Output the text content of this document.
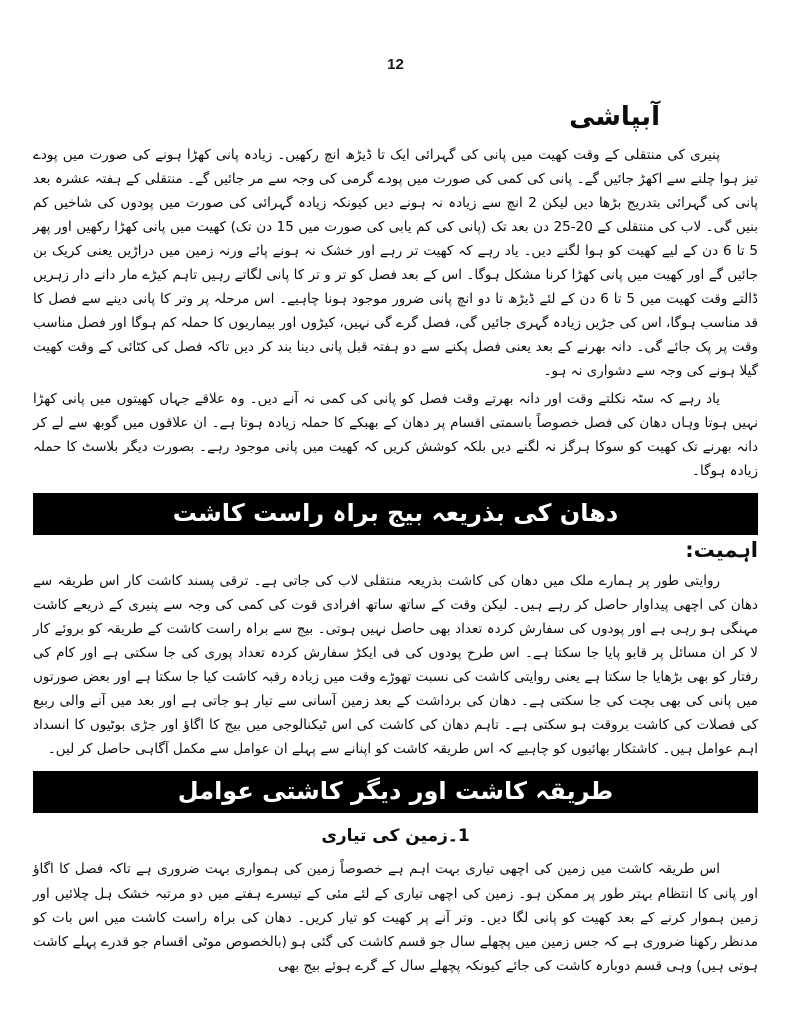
12
آبپاشی

پنیری کی منتقلی کے وقت کھیت میں پانی کی گہرائی ایک تا ڈیڑھ انچ رکھیں۔ زیادہ پانی کھڑا ہونے کی صورت میں پودے تیز ہوا چلنے سے اکھڑ جائیں گے۔ پانی کی کمی کی صورت میں پودے گرمی کی وجہ سے مر جائیں گے۔ منتقلی کے ہفتہ عشرہ بعد پانی کی گہرائی بتدریج بڑھا دیں لیکن 2 انچ سے زیادہ نہ ہونے دیں کیونکہ زیادہ گہرائی کی صورت میں پودوں کی شاخیں کم بنیں گی۔ لاب کی منتقلی کے 20-25 دن بعد تک (پانی کی کم یابی کی صورت میں 15 دن تک) کھیت میں پانی کھڑا رکھیں اور پھر 5 تا 6 دن کے لیے کھیت کو ہوا لگنے دیں۔ یاد رہے کہ کھیت تر رہے اور خشک نہ ہونے پائے ورنہ زمین میں دراڑیں یعنی کریک بن جائیں گے اور کھیت میں پانی کھڑا کرنا مشکل ہوگا۔ اس کے بعد فصل کو تر و تر کا پانی لگاتے رہیں تاہم کیڑے مار دانے دار زہریں ڈالتے وقت کھیت میں 5 تا 6 دن کے لئے ڈیڑھ تا دو انچ پانی ضرور موجود ہونا چاہیے۔ اس مرحلہ پر وتر کا پانی دینے سے فصل کا قد مناسب ہوگا، اس کی جڑیں زیادہ گہری جائیں گی، فصل گرے گی نہیں، کیڑوں اور بیماریوں کا حملہ کم ہوگا اور فصل مناسب وقت پر پک جائے گی۔ دانہ بھرنے کے بعد یعنی فصل پکنے سے دو ہفتہ قبل پانی دینا بند کر دیں تاکہ فصل کی کٹائی کے وقت کھیت گیلا ہونے کی وجہ سے دشواری نہ ہو۔

یاد رہے کہ سٹہ نکلتے وقت اور دانہ بھرتے وقت فصل کو پانی کی کمی نہ آنے دیں۔ وہ علاقے جہاں کھیتوں میں پانی کھڑا نہیں ہوتا وہاں دھان کی فصل خصوصاً باسمتی اقسام پر دھان کے بھبکے کا حملہ زیادہ ہوتا ہے۔ ان علاقوں میں گوبھ سے لے کر دانہ بھرنے تک کھیت کو سوکا ہرگز نہ لگنے دیں بلکہ کوشش کریں کہ کھیت میں پانی موجود رہے۔ بصورت دیگر بلاسٹ کا حملہ زیادہ ہوگا۔

دھان کی بذریعہ بیج براہ راست کاشت
اہمیت:

روایتی طور پر ہمارے ملک میں دھان کی کاشت بذریعہ منتقلی لاب کی جاتی ہے۔ ترقی پسند کاشت کار اس طریقہ سے دھان کی اچھی پیداوار حاصل کر رہے ہیں۔ لیکن وقت کے ساتھ ساتھ افرادی قوت کی کمی کی وجہ سے پنیری کے ذریعے کاشت مہنگی ہو رہی ہے اور پودوں کی سفارش کردہ تعداد بھی حاصل نہیں ہوتی۔ بیج سے براہ راست کاشت کے طریقہ کو بروئے کار لا کر ان مسائل پر قابو پایا جا سکتا ہے۔ اس طرح پودوں کی فی ایکڑ سفارش کردہ تعداد پوری کی جا سکتی ہے اور کام کی رفتار کو بھی بڑھایا جا سکتا ہے یعنی روایتی کاشت کی نسبت تھوڑے وقت میں زیادہ رقبہ کاشت کیا جا سکتا ہے اور بعض صورتوں میں پانی کی بھی بچت کی جا سکتی ہے۔ دھان کی برداشت کے بعد زمین آسانی سے تیار ہو جاتی ہے اور بعد میں آنے والی ربیع کی فصلات کی کاشت بروقت ہو سکتی ہے۔ تاہم دھان کی کاشت کی اس ٹیکنالوجی میں بیج کا اگاؤ اور جڑی بوٹیوں کا انسداد اہم عوامل ہیں۔ کاشتکار بھائیوں کو چاہیے کہ اس طریقہ کاشت کو اپنانے سے پہلے ان عوامل سے مکمل آگاہی حاصل کر لیں۔

طریقہ کاشت اور دیگر کاشتی عوامل
1۔زمین کی تیاری

اس طریقہ کاشت میں زمین کی اچھی تیاری بہت اہم ہے خصوصاً زمین کی ہمواری بہت ضروری ہے تاکہ فصل کا اگاؤ اور پانی کا انتظام بہتر طور پر ممکن ہو۔ زمین کی اچھی تیاری کے لئے مئی کے تیسرے ہفتے میں دو مرتبہ خشک ہل چلائیں اور زمین ہموار کرنے کے بعد کھیت کو پانی لگا دیں۔ وتر آنے پر کھیت کو تیار کریں۔ دھان کی براہ راست کاشت میں اس بات کو مدنظر رکھنا ضروری ہے کہ جس زمین میں پچھلے سال جو قسم کاشت کی گئی ہو (بالخصوص موٹی اقسام جو قدرے پہلے کاشت ہوتی ہیں) وہی قسم دوبارہ کاشت کی جائے کیونکہ پچھلے سال کے گرے ہوئے بیج بھی
